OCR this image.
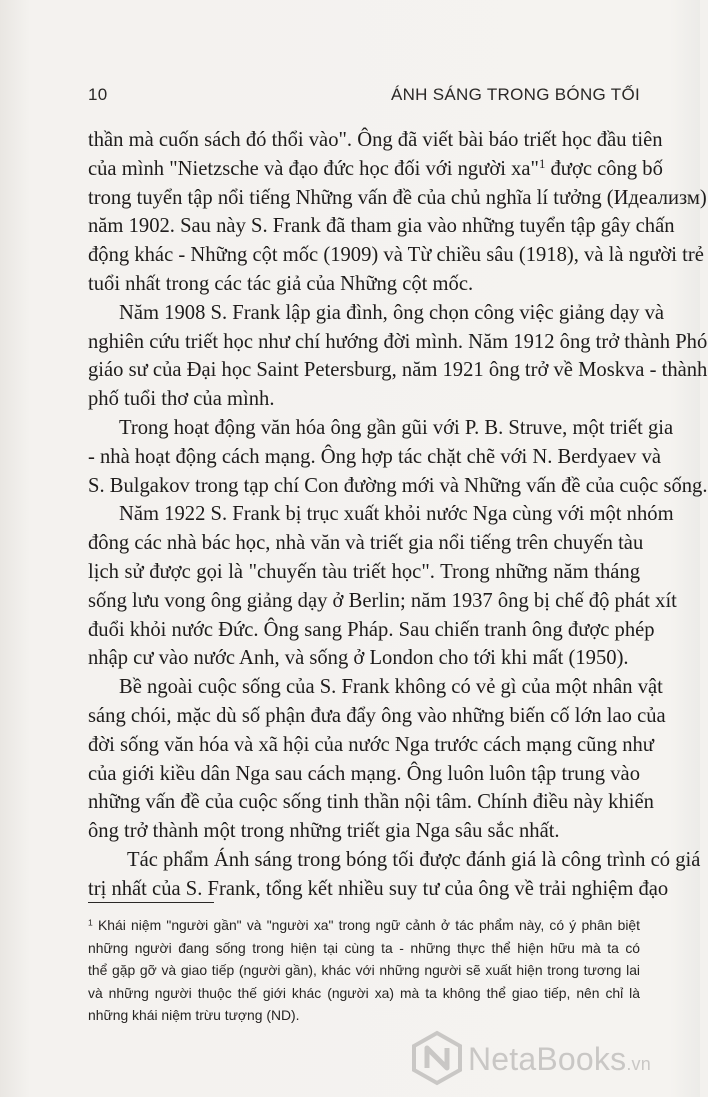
10	ÁNH SÁNG TRONG BÓNG TỐI
thần mà cuốn sách đó thổi vào". Ông đã viết bài báo triết học đầu tiên
của mình "Nietzsche và đạo đức học đối với người xa"$^1$ được công bố
trong tuyển tập nổi tiếng Những vấn đề của chủ nghĩa lí tưởng (Идеализм)
năm 1902. Sau này S. Frank đã tham gia vào những tuyển tập gây chấn
động khác - Những cột mốc (1909) và Từ chiều sâu (1918), và là người trẻ
tuổi nhất trong các tác giả của Những cột mốc.
Năm 1908 S. Frank lập gia đình, ông chọn công việc giảng dạy và
nghiên cứu triết học như chí hướng đời mình. Năm 1912 ông trở thành Phó
giáo sư của Đại học Saint Petersburg, năm 1921 ông trở về Moskva - thành
phố tuổi thơ của mình.
Trong hoạt động văn hóa ông gần gũi với P. B. Struve, một triết gia
- nhà hoạt động cách mạng. Ông hợp tác chặt chẽ với N. Berdyaev và
S. Bulgakov trong tạp chí Con đường mới và Những vấn đề của cuộc sống.
Năm 1922 S. Frank bị trục xuất khỏi nước Nga cùng với một nhóm
đông các nhà bác học, nhà văn và triết gia nổi tiếng trên chuyến tàu
lịch sử được gọi là "chuyến tàu triết học". Trong những năm tháng
sống lưu vong ông giảng dạy ở Berlin; năm 1937 ông bị chế độ phát xít
đuổi khỏi nước Đức. Ông sang Pháp. Sau chiến tranh ông được phép
nhập cư vào nước Anh, và sống ở London cho tới khi mất (1950).
Bề ngoài cuộc sống của S. Frank không có vẻ gì của một nhân vật
sáng chói, mặc dù số phận đưa đẩy ông vào những biến cố lớn lao của
đời sống văn hóa và xã hội của nước Nga trước cách mạng cũng như
của giới kiều dân Nga sau cách mạng. Ông luôn luôn tập trung vào
những vấn đề của cuộc sống tinh thần nội tâm. Chính điều này khiến
ông trở thành một trong những triết gia Nga sâu sắc nhất.
Tác phẩm Ánh sáng trong bóng tối được đánh giá là công trình có giá
trị nhất của S. Frank, tổng kết nhiều suy tư của ông về trải nghiệm đạo
$^1$ Khái niệm "người gần" và "người xa" trong ngữ cảnh ở tác phẩm này, có ý phân biệt
những người đang sống trong hiện tại cùng ta - những thực thể hiện hữu mà ta có
thể gặp gỡ và giao tiếp (người gần), khác với những người sẽ xuất hiện trong tương lai
và những người thuộc thế giới khác (người xa) mà ta không thể giao tiếp, nên chỉ là
những khái niệm trừu tượng (ND).
NetaBooks.vn
